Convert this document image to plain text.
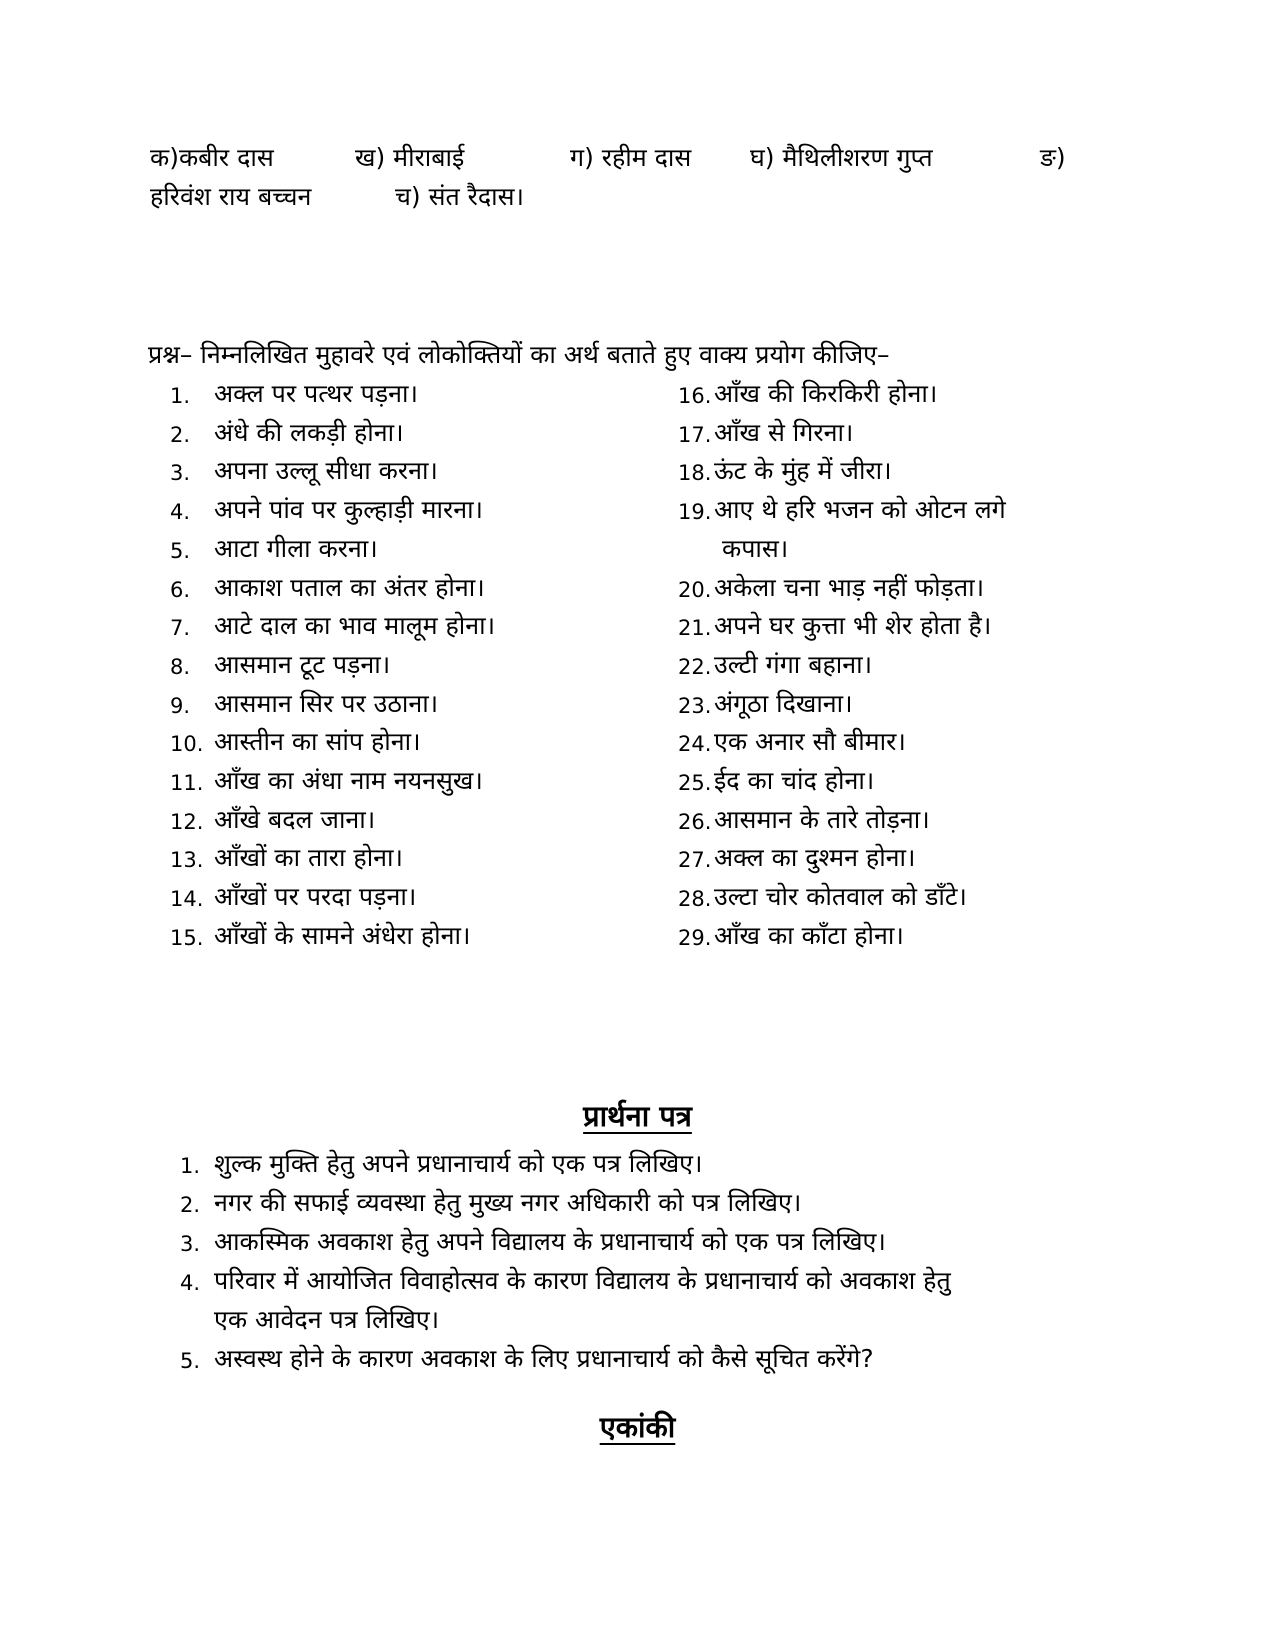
क)कबीर दास	ख) मीराबाई	ग) रहीम दास घ) मैथिलीशरण गुप्त	ङ)
हरिवंश राय बच्चन	च) संत रैदास।
प्रश्न– निम्नलिखित मुहावरे एवं लोकोक्तियों का अर्थ बताते हुए वाक्य प्रयोग कीजिए–
1. अक्ल पर पत्थर पड़ना।
2. अंधे की लकड़ी होना।
3. अपना उल्लू सीधा करना।
4. अपने पांव पर कुल्हाड़ी मारना।
5. आटा गीला करना।
6. आकाश पताल का अंतर होना।
7. आटे दाल का भाव मालूम होना।
8. आसमान टूट पड़ना।
9. आसमान सिर पर उठाना।
10. आस्तीन का सांप होना।
11. आँख का अंधा नाम नयनसुख।
12. आँखे बदल जाना।
13. आँखों का तारा होना।
14. आँखों पर परदा पड़ना।
15. आँखों के सामने अंधेरा होना।
16. आँख की किरकिरी होना।
17. आँख से गिरना।
18. ऊंट के मुंह में जीरा।
19. आए थे हरि भजन को ओटन लगे
कपास।
20. अकेला चना भाड़ नहीं फोड़ता।
21. अपने घर कुत्ता भी शेर होता है।
22. उल्टी गंगा बहाना।
23. अंगूठा दिखाना।
24. एक अनार सौ बीमार।
25. ईद का चांद होना।
26. आसमान के तारे तोड़ना।
27. अक्ल का दुश्मन होना।
28. उल्टा चोर कोतवाल को डाँटे।
29. आँख का काँटा होना।
प्रार्थना पत्र
1. शुल्क मुक्ति हेतु अपने प्रधानाचार्य को एक पत्र लिखिए।
2. नगर की सफाई व्यवस्था हेतु मुख्य नगर अधिकारी को पत्र लिखिए।
3. आकस्मिक अवकाश हेतु अपने विद्यालय के प्रधानाचार्य को एक पत्र लिखिए।
4. परिवार में आयोजित विवाहोत्सव के कारण विद्यालय के प्रधानाचार्य को अवकाश हेतु
एक आवेदन पत्र लिखिए।
5. अस्वस्थ होने के कारण अवकाश के लिए प्रधानाचार्य को कैसे सूचित करेंगे?
एकांकी
